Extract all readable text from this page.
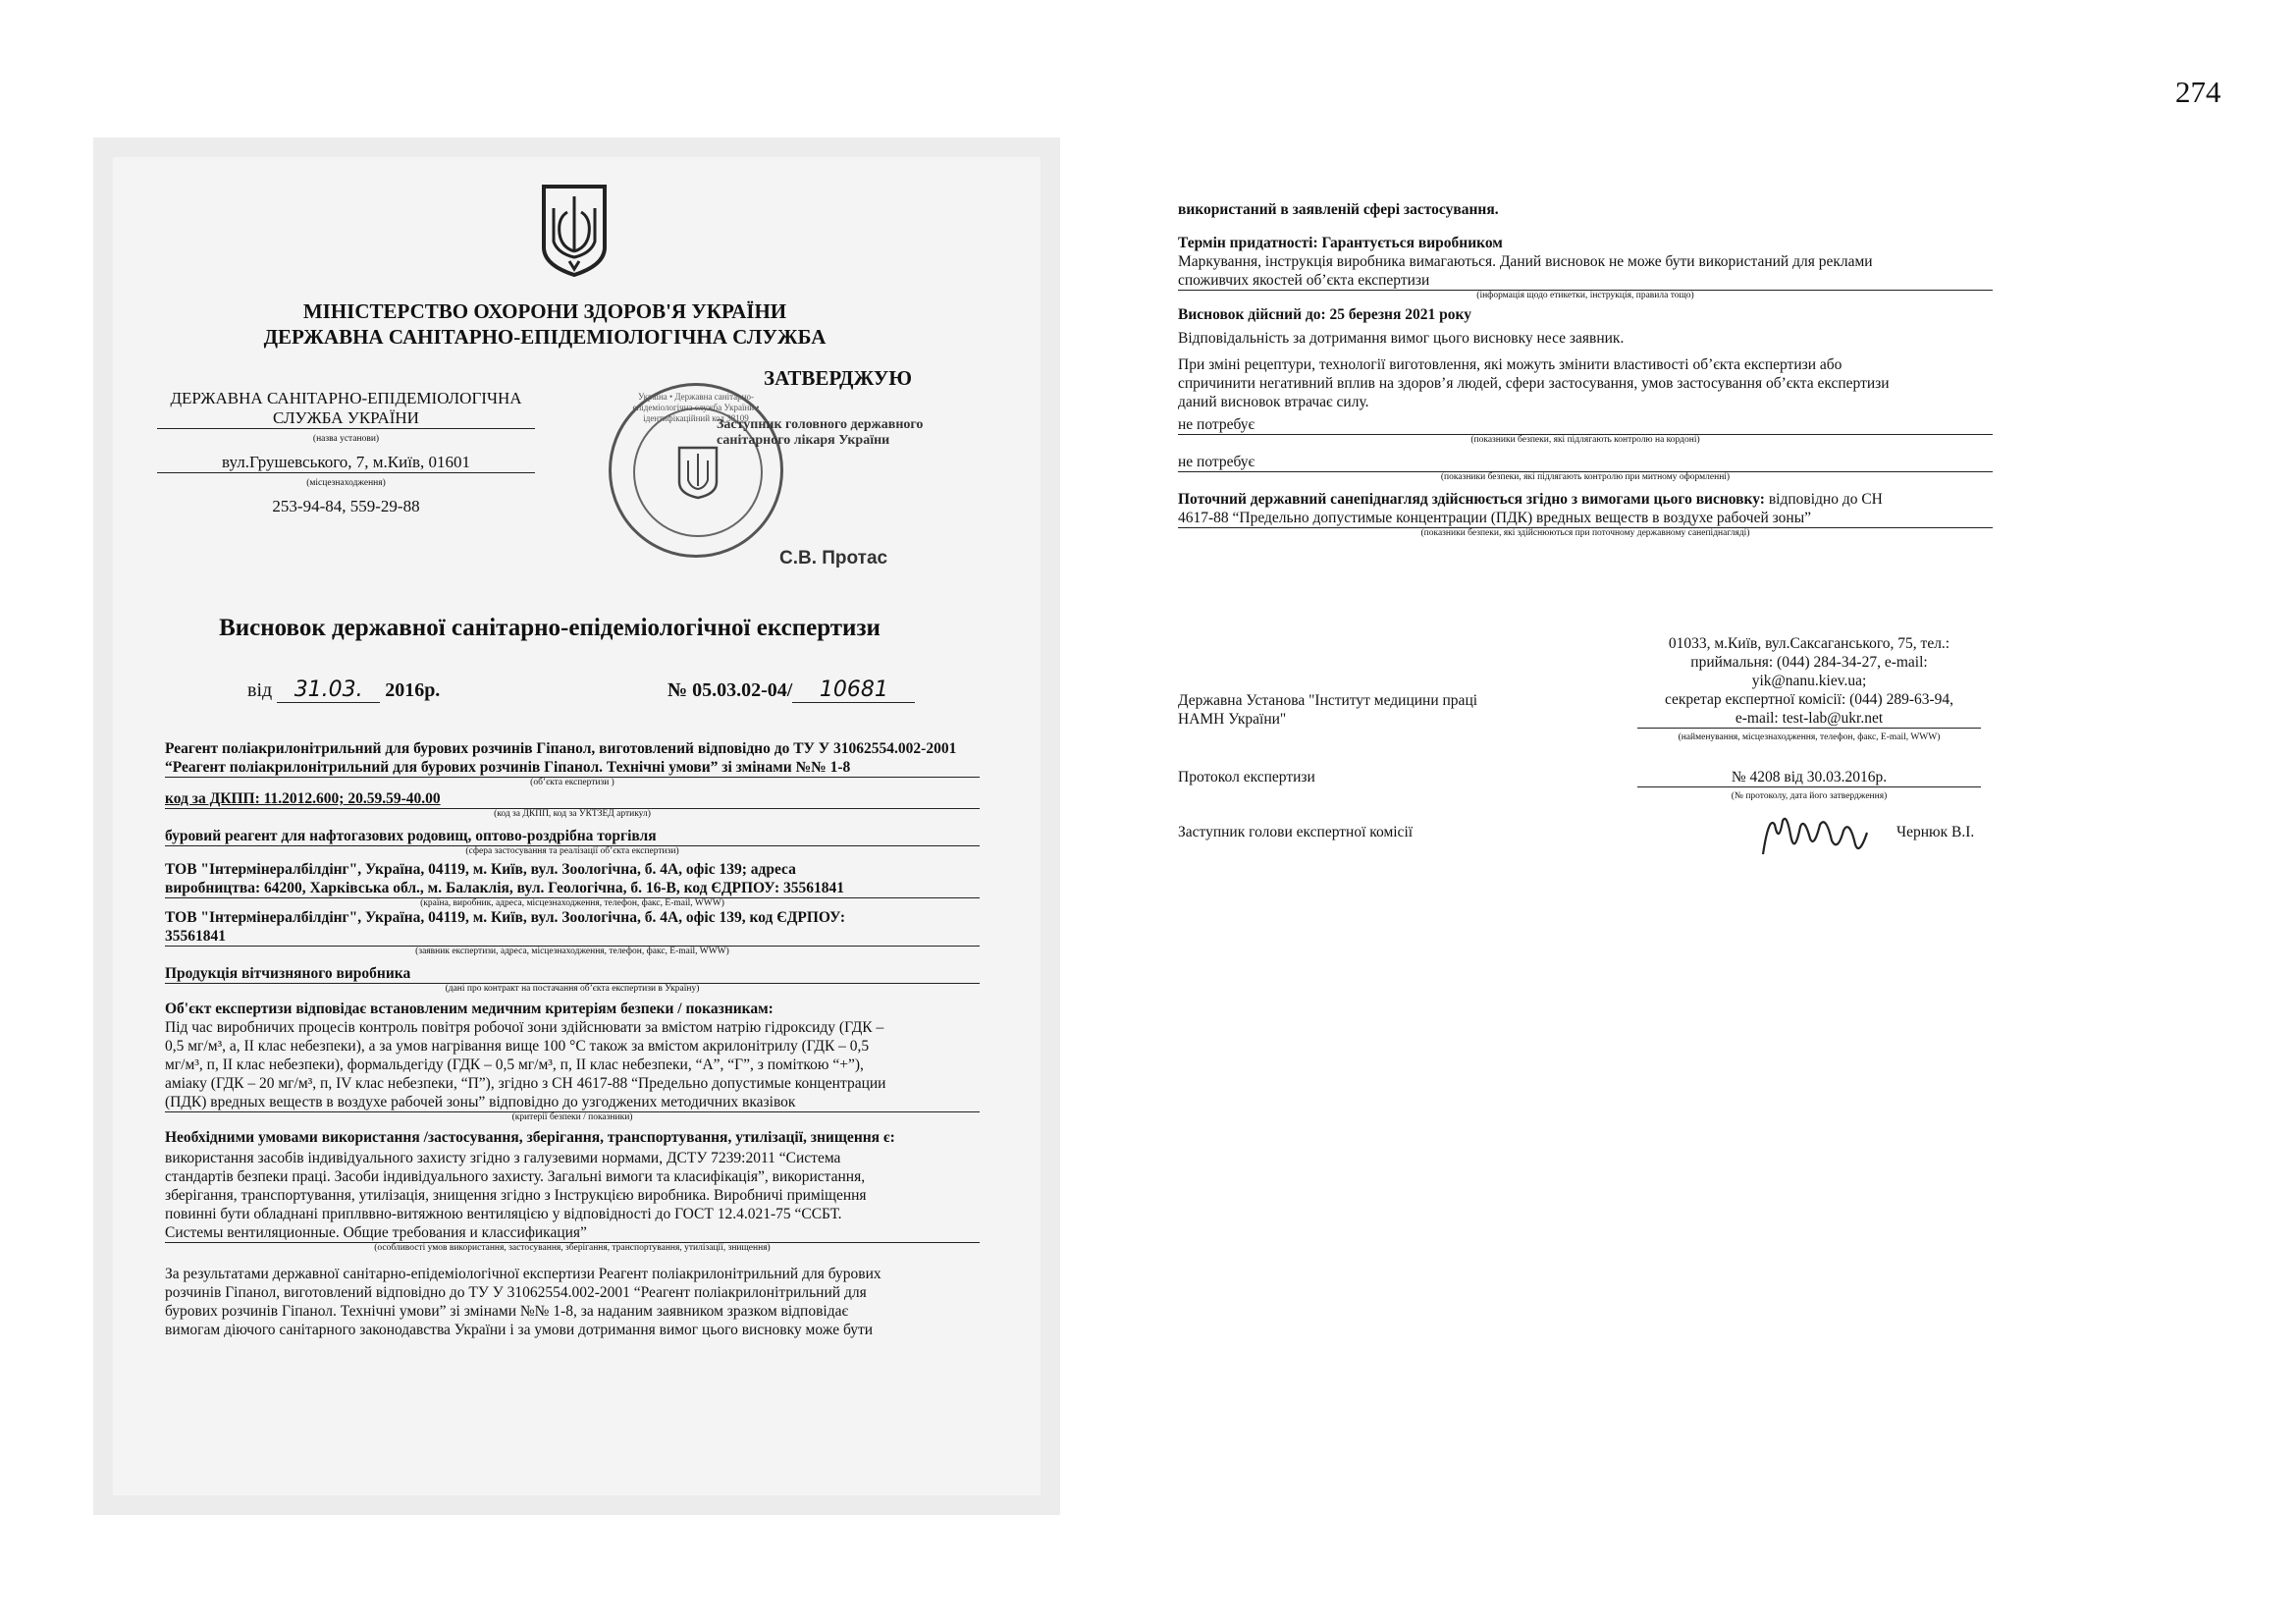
274
МІНІСТЕРСТВО ОХОРОНИ ЗДОРОВ'Я УКРАЇНИ
ДЕРЖАВНА САНІТАРНО-ЕПІДЕМІОЛОГІЧНА СЛУЖБА
ЗАТВЕРДЖУЮ
ДЕРЖАВНА САНІТАРНО-ЕПІДЕМІОЛОГІЧНА
СЛУЖБА УКРАЇНИ
(назва установи)
вул.Грушевського, 7, м.Київ, 01601
(місцезнаходження)
253-94-84, 559-29-88
Україна • Державна санітарно-епідеміологічна служба України • ідентифікаційний код 38109
Заступник головного державного
санітарного лікаря України
С.В. Протас
Висновок державної санітарно-епідеміологічної експертизи
від 31.03. 2016р.	№ 05.03.02-04/ 10681
Реагент поліакрилонітрильний для бурових розчинів Гіпанол, виготовлений відповідно до ТУ У 31062554.002-2001 “Реагент поліакрилонітрильний для бурових розчинів Гіпанол. Технічні умови” зі змінами №№ 1-8
(об’єкта експертизи )
код за ДКПП: 11.2012.600; 20.59.59-40.00
(код за ДКПП, код за УКТЗЕД артикул)
буровий реагент для нафтогазових родовищ, оптово-роздрібна торгівля
(сфера застосування та реалізації об’єкта експертизи)
ТОВ "Інтермінералбілдінг", Україна, 04119, м. Київ, вул. Зоологічна, б. 4А, офіс 139; адреса
виробництва: 64200, Харківська обл., м. Балаклія, вул. Геологічна, б. 16-В, код ЄДРПОУ: 35561841
(країна, виробник, адреса, місцезнаходження, телефон, факс, E-mail, WWW)
ТОВ "Інтермінералбілдінг", Україна, 04119, м. Київ, вул. Зоологічна, б. 4А, офіс 139, код ЄДРПОУ:
35561841
(заявник експертизи, адреса, місцезнаходження, телефон, факс, E-mail, WWW)
Продукція вітчизняного виробника
(дані про контракт на постачання об’єкта експертизи в Україну)
Об'єкт експертизи відповідає встановленим медичним критеріям безпеки / показникам:
Під час виробничих процесів контроль повітря робочої зони здійснювати за вмістом натрію гідроксиду (ГДК –
0,5 мг/м³, а, ІІ клас небезпеки), а за умов нагрівання вище 100 °С також за вмістом акрилонітрилу (ГДК – 0,5
мг/м³, п, ІІ клас небезпеки), формальдегіду (ГДК – 0,5 мг/м³, п, ІІ клас небезпеки, “А”, “Г”, з поміткою “+”),
аміаку (ГДК – 20 мг/м³, п, IV клас небезпеки, “П”), згідно з СН 4617-88 “Предельно допустимые концентрации
(ПДК) вредных веществ в воздухе рабочей зоны” відповідно до узгоджених методичних вказівок
(критерії безпеки / показники)
Необхідними умовами використання /застосування, зберігання, транспортування, утилізації, знищення є:
використання засобів індивідуального захисту згідно з галузевими нормами, ДСТУ 7239:2011 “Система
стандартів безпеки праці. Засоби індивідуального захисту. Загальні вимоги та класифікація”, використання,
зберігання, транспортування, утилізація, знищення згідно з Інструкцією виробника. Виробничі приміщення
повинні бути обладнані приплввно-витяжною вентиляцією у відповідності до ГОСТ 12.4.021-75 “ССБТ.
Системы вентиляционные. Общие требования и классификация”
(особливості умов використання, застосування, зберігання, транспортування, утилізації, знищення)
За результатами державної санітарно-епідеміологічної експертизи Реагент поліакрилонітрильний для бурових
розчинів Гіпанол, виготовлений відповідно до ТУ У 31062554.002-2001 “Реагент поліакрилонітрильний для
бурових розчинів Гіпанол. Технічні умови” зі змінами №№ 1-8, за наданим заявником зразком відповідає
вимогам діючого санітарного законодавства України і за умови дотримання вимог цього висновку може бути
використаний в заявленій сфері застосування.
Термін придатності: Гарантується виробником
Маркування, інструкція виробника вимагаються. Даний висновок не може бути використаний для реклами
споживчих якостей об’єкта експертизи
(інформація щодо етикетки, інструкція, правила тощо)
Висновок дійсний до: 25 березня 2021 року
Відповідальність за дотримання вимог цього висновку несе заявник.
При зміні рецептури, технології виготовлення, які можуть змінити властивості об’єкта експертизи або
спричинити негативний вплив на здоров’я людей, сфери застосування, умов застосування об’єкта експертизи
даний висновок втрачає силу.
не потребує
(показники безпеки, які підлягають контролю на кордоні)
не потребує
(показники безпеки, які підлягають контролю при митному оформленні)
Поточний державний санепіднагляд здійснюється згідно з вимогами цього висновку: відповідно до СН
4617-88 “Предельно допустимые концентрации (ПДК) вредных веществ в воздухе рабочей зоны”
(показники безпеки, які здійснюються при поточному державному санепіднагляді)
01033, м.Київ, вул.Саксаганського, 75, тел.:
приймальня: (044) 284-34-27, e-mail:
yik@nanu.kiev.ua;
секретар експертної комісії: (044) 289-63-94,
e-mail: test-lab@ukr.net
(найменування, місцезнаходження, телефон, факс, E-mail, WWW)
Державна Установа "Інститут медицини праці
НАМН України"
Протокол експертизи	№ 4208 від 30.03.2016р.
(№ протоколу, дата його затвердження)
Заступник голови експертної комісії	Чернюк В.І.
